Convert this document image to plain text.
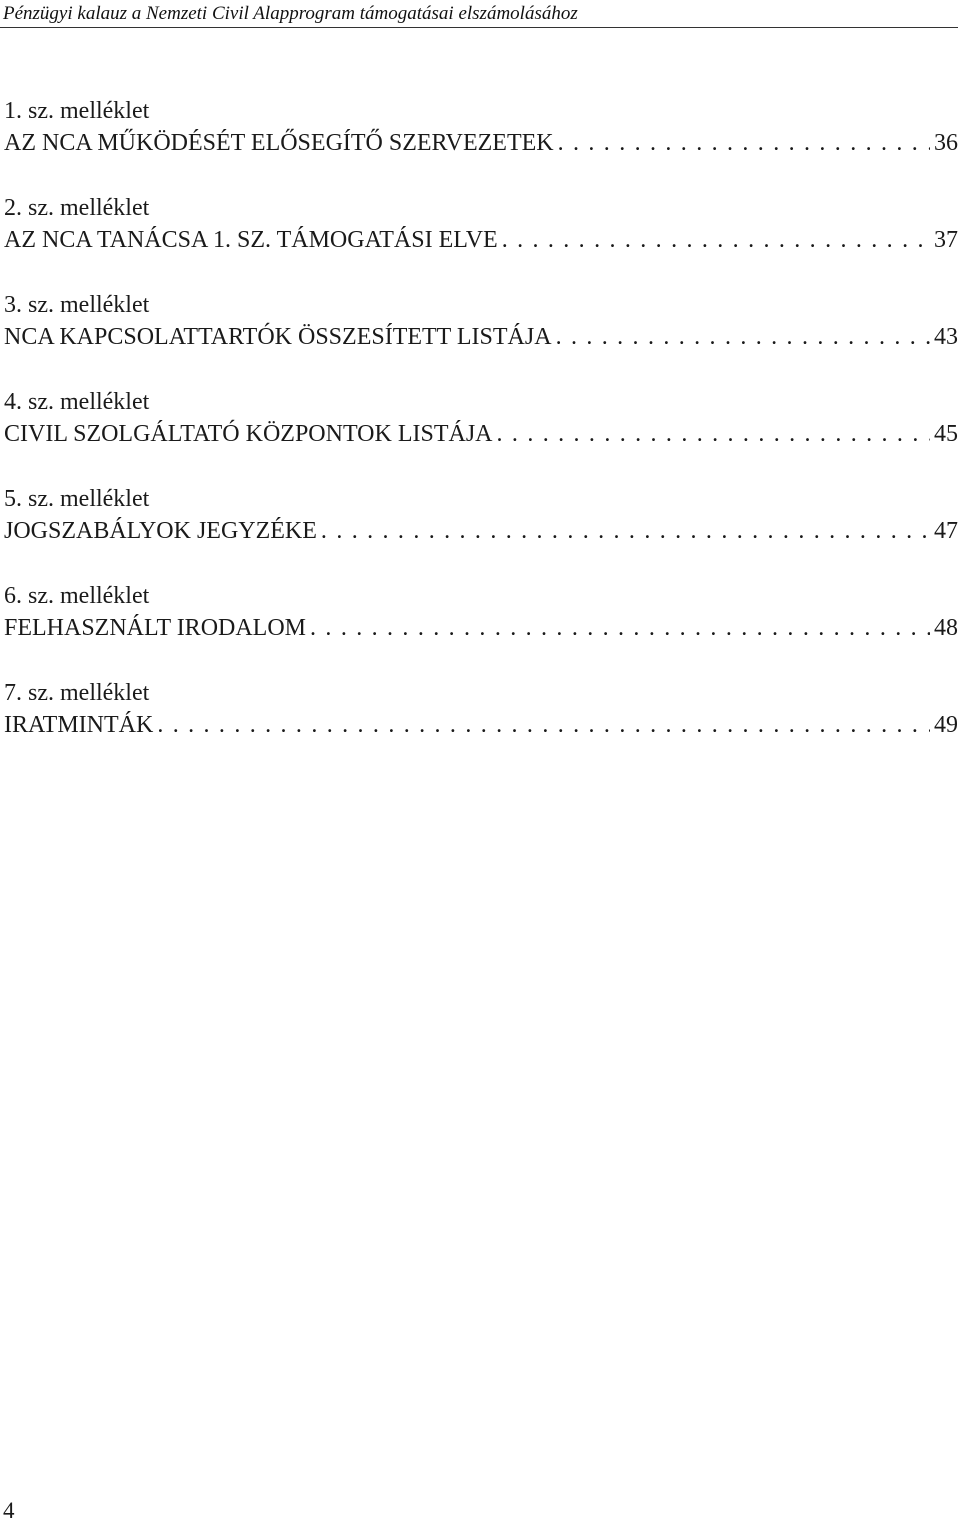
Pénzügyi kalauz a Nemzeti Civil Alapprogram támogatásai elszámolásához
1. sz. melléklet
AZ NCA MŰKÖDÉSÉT ELŐSEGÍTŐ SZERVEZETEK . . .	36
2. sz. melléklet
AZ NCA TANÁCSA 1. SZ. TÁMOGATÁSI ELVE . . .	37
3. sz. melléklet
NCA KAPCSOLATTARTÓK ÖSSZESÍTETT LISTÁJA . . .	43
4. sz. melléklet
CIVIL SZOLGÁLTATÓ KÖZPONTOK LISTÁJA . . .	45
5. sz. melléklet
JOGSZABÁLYOK JEGYZÉKE . . .	47
6. sz. melléklet
FELHASZNÁLT IRODALOM . . .	48
7. sz. melléklet
IRATMINTÁK . . .	49
4
